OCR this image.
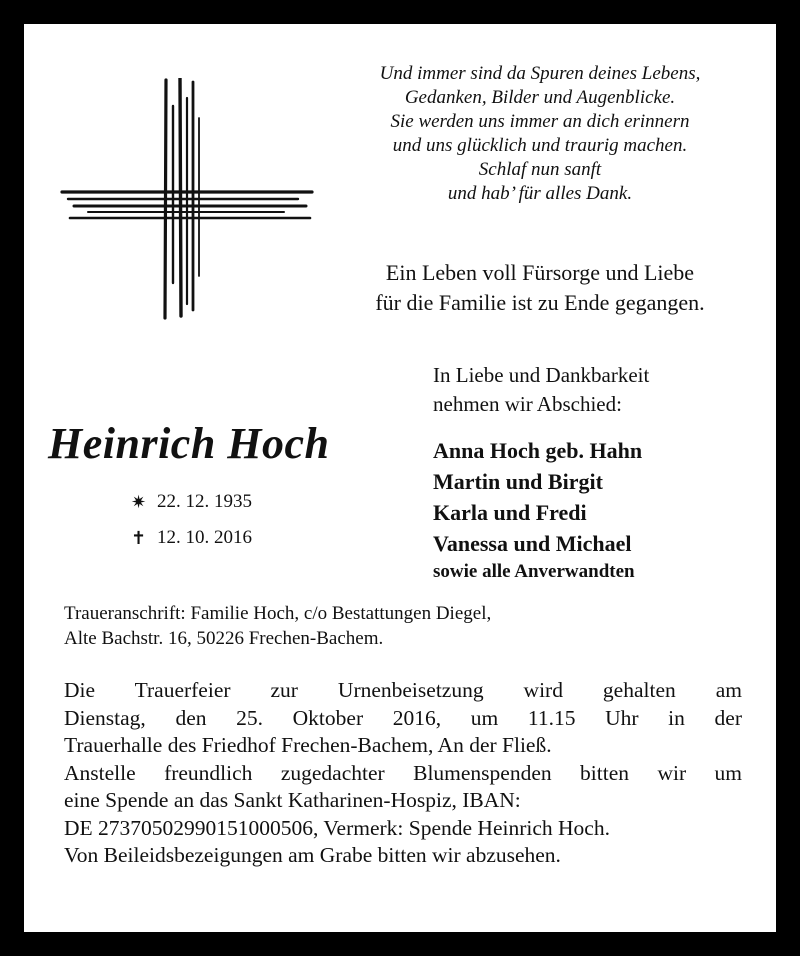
Und immer sind da Spuren deines Lebens,
Gedanken, Bilder und Augenblicke.
Sie werden uns immer an dich erinnern
und uns glücklich und traurig machen.
Schlaf nun sanft
und hab’ für alles Dank.
Ein Leben voll Fürsorge und Liebe
für die Familie ist zu Ende gegangen.
In Liebe und Dankbarkeit
nehmen wir Abschied:
Heinrich Hoch
✷ 22. 12. 1935
✝ 12. 10. 2016
Anna Hoch geb. Hahn
Martin und Birgit
Karla und Fredi
Vanessa und Michael
sowie alle Anverwandten
Traueranschrift: Familie Hoch, c/o Bestattungen Diegel,
Alte Bachstr. 16, 50226 Frechen-Bachem.
Die Trauerfeier zur Urnenbeisetzung wird gehalten am
Dienstag, den 25. Oktober 2016, um 11.15 Uhr in der
Trauerhalle des Friedhof Frechen-Bachem, An der Fließ.
Anstelle freundlich zugedachter Blumenspenden bitten wir um
eine Spende an das Sankt Katharinen-Hospiz, IBAN:
DE 27370502990151000506, Vermerk: Spende Heinrich Hoch.
Von Beileidsbezeigungen am Grabe bitten wir abzusehen.
